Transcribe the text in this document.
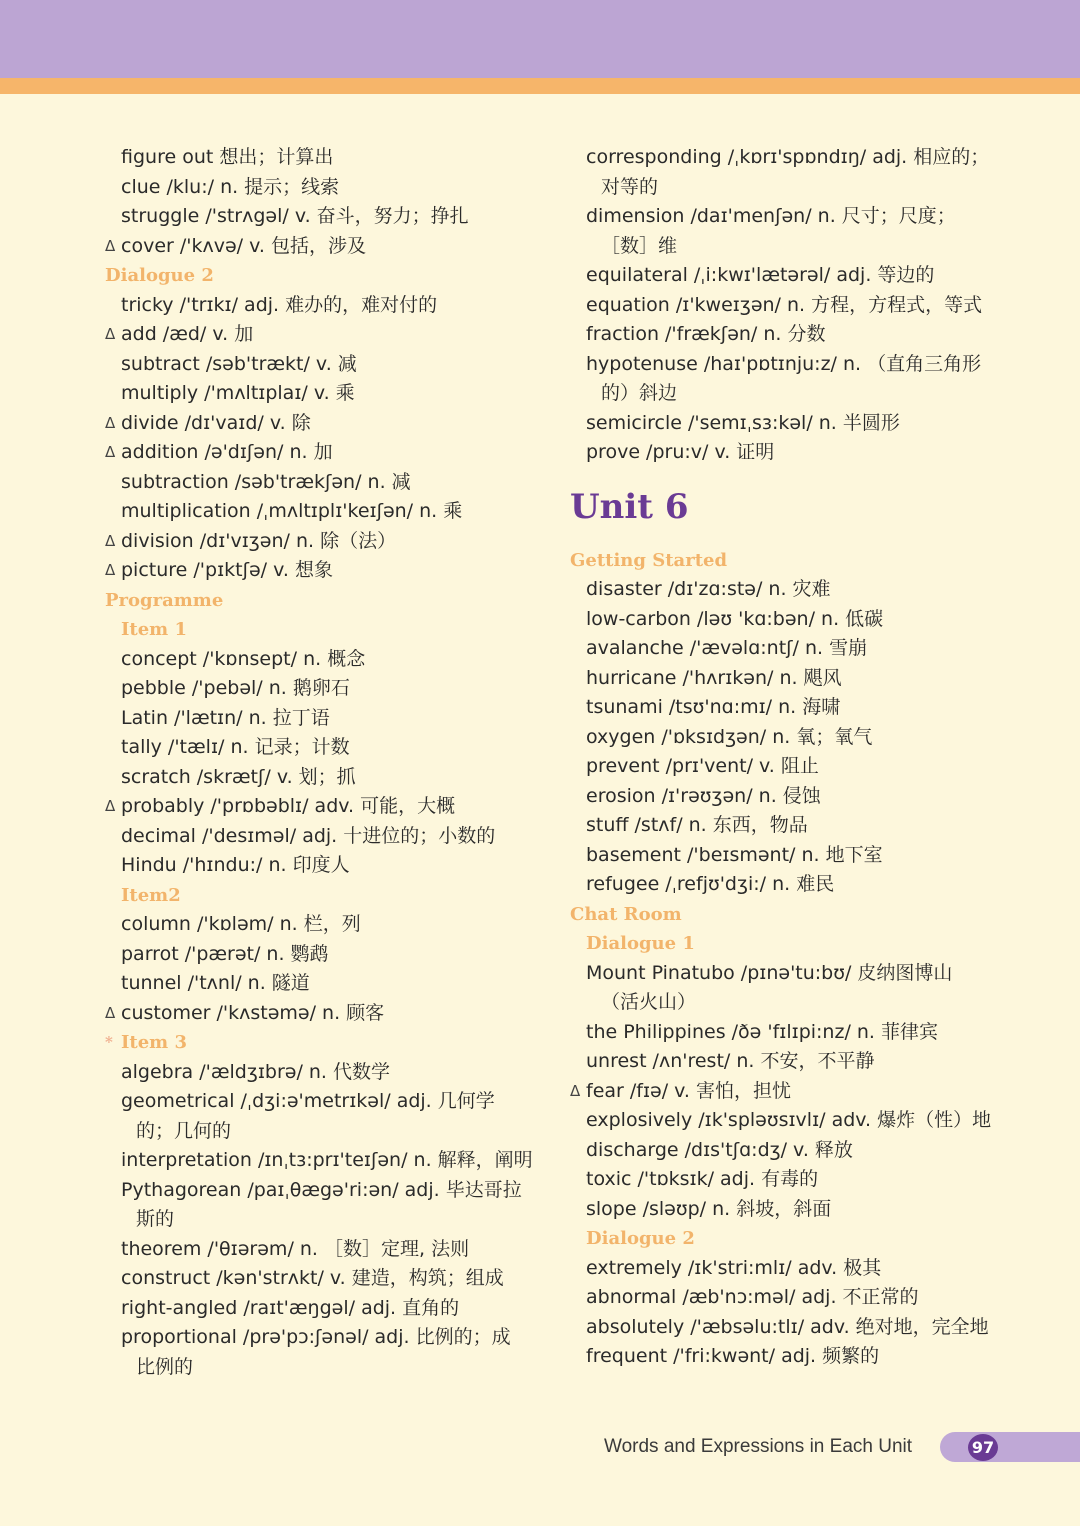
figure out 想出；计算出
clue /klu:/ n. 提示；线索
struggle /'strʌgəl/ v. 奋斗，努力；挣扎
Δ cover /'kʌvə/ v. 包括，涉及
Dialogue 2
tricky /'trɪkɪ/ adj. 难办的，难对付的
Δ add /æd/ v. 加
subtract /səb'trækt/ v. 减
multiply /'mʌltɪplaɪ/ v. 乘
Δ divide /dɪ'vaɪd/ v. 除
Δ addition /ə'dɪʃən/ n. 加
subtraction /səb'trækʃən/ n. 减
multiplication /ˌmʌltɪplɪ'keɪʃən/ n. 乘
Δ division /dɪ'vɪʒən/ n. 除（法）
Δ picture /'pɪktʃə/ v. 想象
Programme
Item 1
concept /'kɒnsept/ n. 概念
pebble /'pebəl/ n. 鹅卵石
Latin /'lætɪn/ n. 拉丁语
tally /'tælɪ/ n. 记录；计数
scratch /skrætʃ/ v. 划；抓
Δ probably /'prɒbəblɪ/ adv. 可能，大概
decimal /'desɪməl/ adj. 十进位的；小数的
Hindu /'hɪndu:/ n. 印度人
Item2
column /'kɒləm/ n. 栏，列
parrot /'pærət/ n. 鹦鹉
tunnel /'tʌnl/ n. 隧道
Δ customer /'kʌstəmə/ n. 顾客
* Item 3
algebra /'ældʒɪbrə/ n. 代数学
geometrical /ˌdʒi:ə'metrɪkəl/ adj. 几何学
的；几何的
interpretation /ɪnˌtɜ:prɪ'teɪʃən/ n. 解释，阐明
Pythagorean /paɪˌθægə'ri:ən/ adj. 毕达哥拉
斯的
theorem /'θɪərəm/ n. ［数］定理, 法则
construct /kən'strʌkt/ v. 建造，构筑；组成
right-angled /raɪt'æŋgəl/ adj. 直角的
proportional /prə'pɔ:ʃənəl/ adj. 比例的；成
比例的
corresponding /ˌkɒrɪ'spɒndɪŋ/ adj. 相应的；
对等的
dimension /daɪ'menʃən/ n. 尺寸；尺度；
［数］维
equilateral /ˌi:kwɪ'lætərəl/ adj. 等边的
equation /ɪ'kweɪʒən/ n. 方程，方程式，等式
fraction /'frækʃən/ n. 分数
hypotenuse /haɪ'pɒtɪnju:z/ n. （直角三角形
的）斜边
semicircle /'semɪˌsɜ:kəl/ n. 半圆形
prove /pru:v/ v. 证明
Unit 6
Getting Started
disaster /dɪ'zɑ:stə/ n. 灾难
low-carbon /ləʊ 'kɑ:bən/ n. 低碳
avalanche /'ævəlɑ:ntʃ/ n. 雪崩
hurricane /'hʌrɪkən/ n. 飓风
tsunami /tsʊ'nɑ:mɪ/ n. 海啸
oxygen /'ɒksɪdʒən/ n. 氧；氧气
prevent /prɪ'vent/ v. 阻止
erosion /ɪ'rəʊʒən/ n. 侵蚀
stuff /stʌf/ n. 东西，物品
basement /'beɪsmənt/ n. 地下室
refugee /ˌrefjʊ'dʒi:/ n. 难民
Chat Room
Dialogue 1
Mount Pinatubo /pɪnə'tu:bʊ/ 皮纳图博山
（活火山）
the Philippines /ðə 'fɪlɪpi:nz/ n. 菲律宾
unrest /ʌn'rest/ n. 不安，不平静
Δ fear /fɪə/ v. 害怕，担忧
explosively /ɪk'spləʊsɪvlɪ/ adv. 爆炸（性）地
discharge /dɪs'tʃɑ:dʒ/ v. 释放
toxic /'tɒksɪk/ adj. 有毒的
slope /sləʊp/ n. 斜坡，斜面
Dialogue 2
extremely /ɪk'stri:mlɪ/ adv. 极其
abnormal /æb'nɔ:məl/ adj. 不正常的
absolutely /'æbsəlu:tlɪ/ adv. 绝对地，完全地
frequent /'fri:kwənt/ adj. 频繁的
Words and Expressions in Each Unit	97
